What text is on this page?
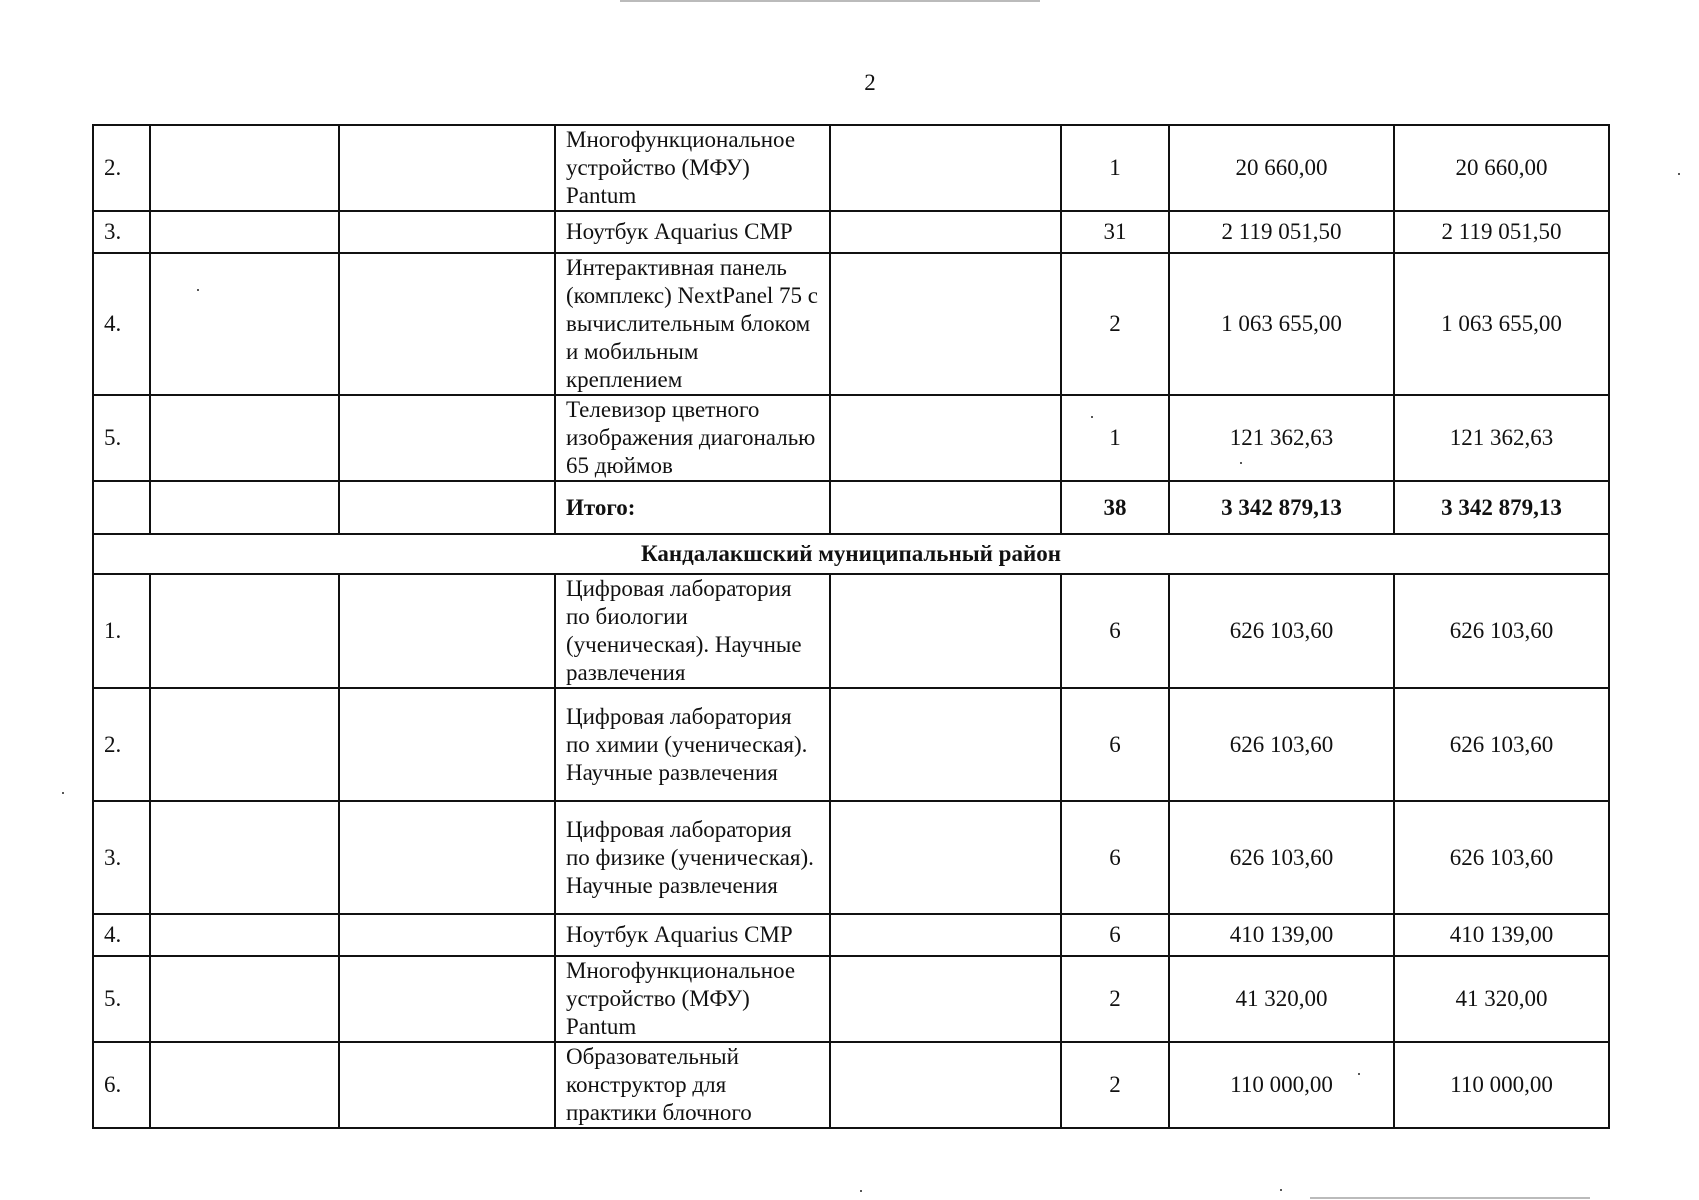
2
2.			Многофункциональное устройство (МФУ) Pantum		1	20 660,00	20 660,00
3.			Ноутбук Aquarius CMP		31	2 119 051,50	2 119 051,50
4.			Интерактивная панель (комплекс) NextPanel 75 с вычислительным блоком и мобильным креплением		2	1 063 655,00	1 063 655,00
5.			Телевизор цветного изображения диагональю 65 дюймов		1	121 362,63	121 362,63
			Итого:		38	3 342 879,13	3 342 879,13
Кандалакшский муниципальный район							
1.			Цифровая лаборатория по биологии (ученическая). Научные развлечения		6	626 103,60	626 103,60
2.			Цифровая лаборатория по химии (ученическая). Научные развлечения		6	626 103,60	626 103,60
3.			Цифровая лаборатория по физике (ученическая). Научные развлечения		6	626 103,60	626 103,60
4.			Ноутбук Aquarius CMP		6	410 139,00	410 139,00
5.			Многофункциональное устройство (МФУ) Pantum		2	41 320,00	41 320,00
6.			Образовательный конструктор для практики блочного		2	110 000,00	110 000,00
